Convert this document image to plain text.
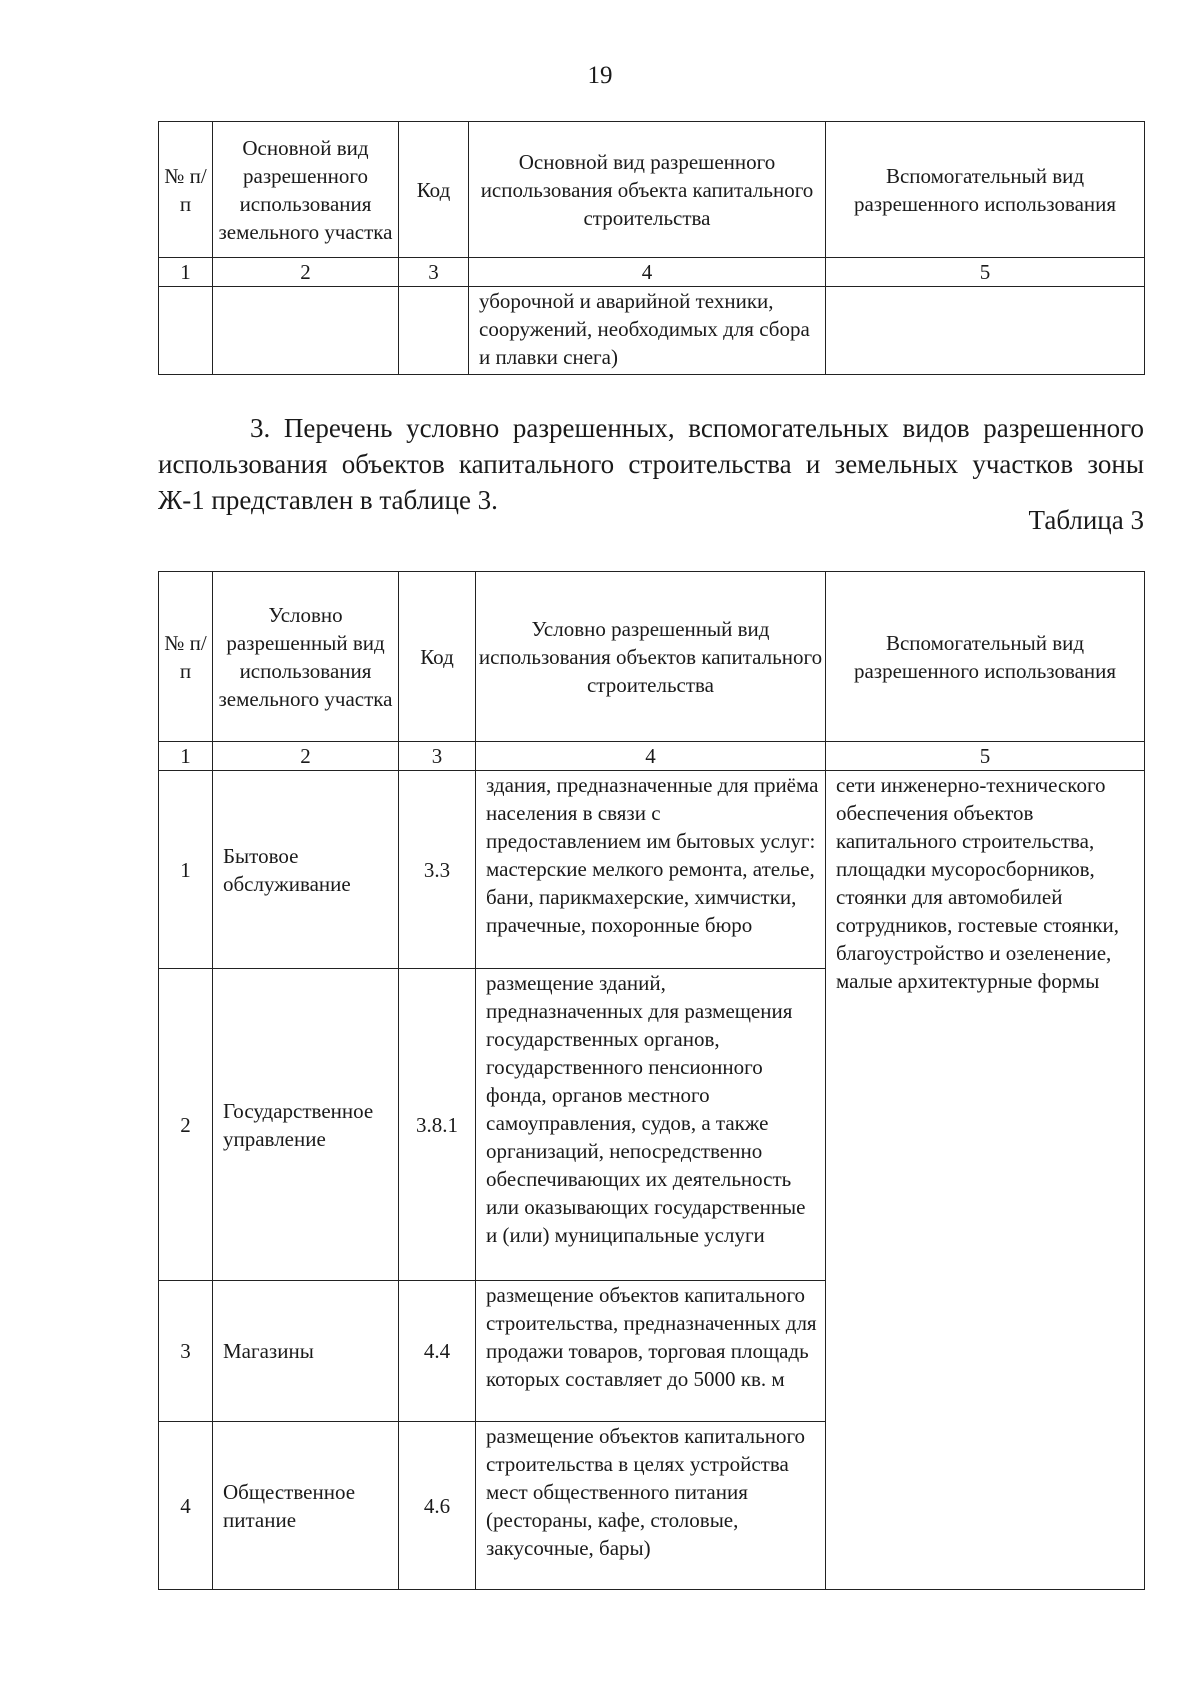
19
№ п/п	Основной вид разрешенного использования земельного участка	Код	Основной вид разрешенного использования объекта капитального строительства	Вспомогательный вид разрешенного использования
1	2	3	4	5
			уборочной и аварийной техники, сооружений, необходимых для сбора и плавки снега)	

3. Перечень условно разрешенных, вспомогательных видов разрешенного использования объектов капитального строительства и земельных участков зоны Ж-1 представлен в таблице 3.

Таблица 3
№ п/п	Условно разрешенный вид использования земельного участка	Код	Условно разрешенный вид использования объектов капитального строительства	Вспомогательный вид разрешенного использования
1	2	3	4	5
1	Бытовое обслуживание	3.3	здания, предназначенные для приёма населения в связи с предоставлением им бытовых услуг: мастерские мелкого ремонта, ателье, бани, парикмахерские, химчистки, прачечные, похоронные бюро	сети инженерно-технического обеспечения объектов капитального строительства, площадки мусоросборников, стоянки для автомобилей сотрудников, гостевые стоянки, благоустройство и озеленение, малые архитектурные формы
2	Государственное управление	3.8.1	размещение зданий, предназначенных для размещения государственных органов, государственного пенсионного фонда, органов местного самоуправления, судов, а также организаций, непосредственно обеспечивающих их деятельность или оказывающих государственные и (или) муниципальные услуги	
3	Магазины	4.4	размещение объектов капитального строительства, предназначенных для продажи товаров, торговая площадь которых составляет до 5000 кв. м	
4	Общественное питание	4.6	размещение объектов капитального строительства в целях устройства мест общественного питания (рестораны, кафе, столовые, закусочные, бары)	
